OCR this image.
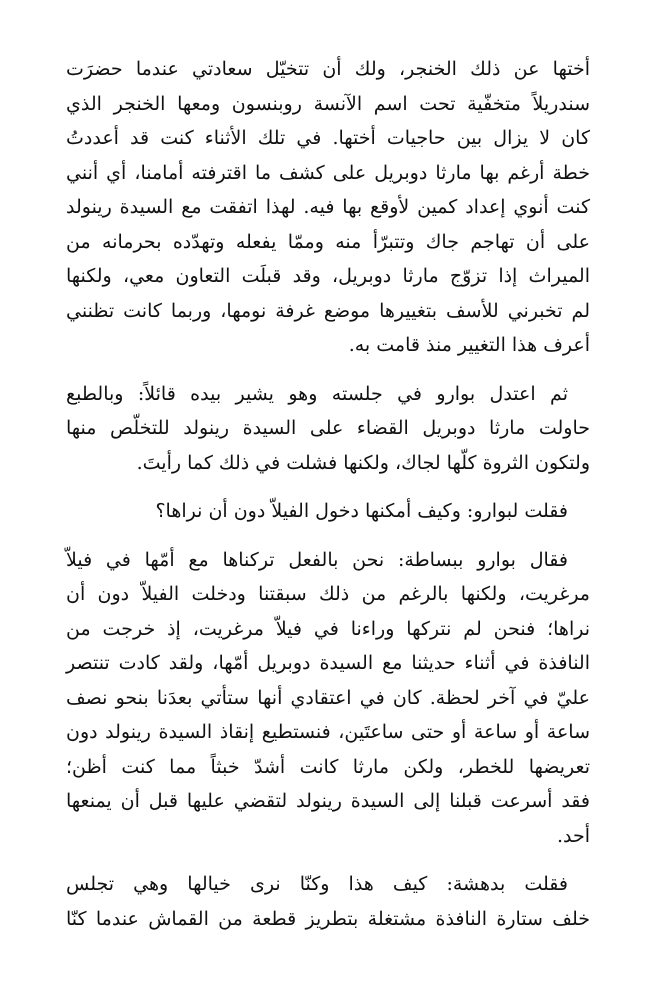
أختها عن ذلك الخنجر، ولك أن تتخيّل سعادتي عندما حضرَت
سندريلاً متخفّية تحت اسم الآنسة روبنسون ومعها الخنجر الذي
كان لا يزال بين حاجيات أختها. في تلك الأثناء كنت قد أعددتُ
خطة أرغم بها مارثا دوبريل على كشف ما اقترفته أمامنا، أي أنني
كنت أنوي إعداد كمين لأوقع بها فيه. لهذا اتفقت مع السيدة رينولد
على أن تهاجم جاك وتتبرّأ منه وممّا يفعله وتهدّده بحرمانه من
الميراث إذا تزوّج مارثا دوبريل، وقد قبلَت التعاون معي، ولكنها
لم تخبرني للأسف بتغييرها موضع غرفة نومها، وربما كانت تظنني
أعرف هذا التغيير منذ قامت به.
ثم اعتدل بوارو في جلسته وهو يشير بيده قائلاً: وبالطبع
حاولت مارثا دوبريل القضاء على السيدة رينولد للتخلّص منها
ولتكون الثروة كلّها لجاك، ولكنها فشلت في ذلك كما رأيتَ.
فقلت لبوارو: وكيف أمكنها دخول الفيلاّ دون أن نراها؟
فقال بوارو ببساطة: نحن بالفعل تركناها مع أمّها في فيلاّ
مرغريت، ولكنها بالرغم من ذلك سبقتنا ودخلت الفيلاّ دون أن
نراها؛ فنحن لم نتركها وراءنا في فيلاّ مرغريت، إذ خرجت من
النافذة في أثناء حديثنا مع السيدة دوبريل أمّها، ولقد كادت تنتصر
عليّ في آخر لحظة. كان في اعتقادي أنها ستأتي بعدَنا بنحو نصف
ساعة أو ساعة أو حتى ساعتَين، فنستطيع إنقاذ السيدة رينولد دون
تعريضها للخطر، ولكن مارثا كانت أشدّ خبثاً مما كنت أظن؛
فقد أسرعت قبلنا إلى السيدة رينولد لتقضي عليها قبل أن يمنعها
أحد.
فقلت بدهشة: كيف هذا وكنّا نرى خيالها وهي تجلس
خلف ستارة النافذة مشتغلة بتطريز قطعة من القماش عندما كنّا
